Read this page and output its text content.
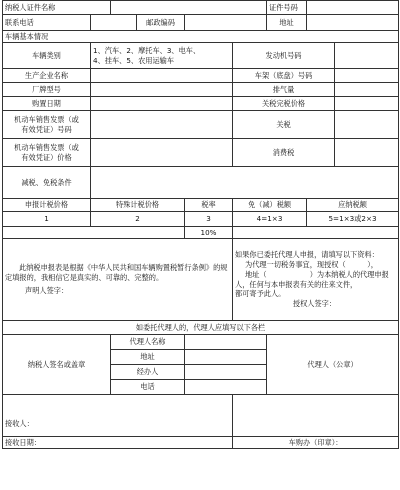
纳税人证件名称						证件号码		
联系电话			邮政编码			地址		
车辆基本情况								
车辆类别	1、汽车、2、摩托车、3、电车、
4、挂车、5、农用运输车				发动机号码			
生产企业名称					车架（底盘）号码			
厂牌型号					排气量			
购置日期					关税完税价格			

机动车销售发票（或
有效凭证）号码					关税			

机动车销售发票（或
有效凭证）价格					消费税			
减税、免税条件								
申报计税价格	特殊计税价格			税率	免（减）税额		应纳税额	
1	2			3	4=1×3		5=1×3或2×3	
				10%				

此纳税申报表是根据《中华人民共和国车辆购置税暂行条例》的规定填报的，我相信它是真实的、可靠的、完整的。

声明人签字：					如果你已委托代理人申报，请填写以下资料：
为代理一切税务事宜，现授权（　　　），
地址（　　　　　　）为本纳税人的代理申报人，任何与本申报表有关的往来文件，
都可寄予此人。
授权人签字：			

如委托代理人的，代理人应填写以下各栏								
纳税人签名或盖章		代理人名称				代理人（公章）		
		地址						
		经办人						
		电话						

接收人：								
接收日期：					车购办（印章）：			
